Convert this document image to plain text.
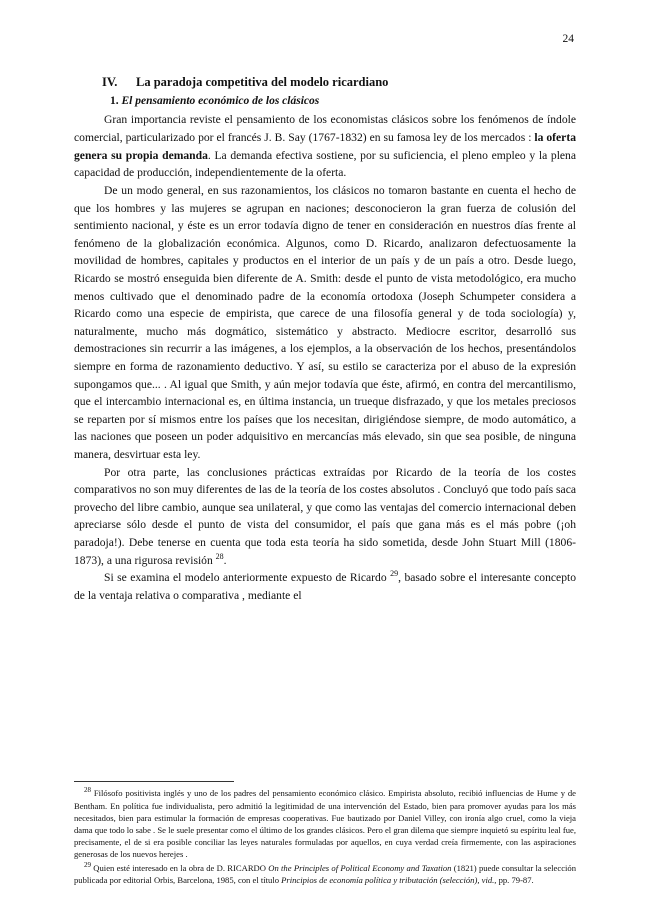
24
IV. La paradoja competitiva del modelo ricardiano
1. El pensamiento económico de los clásicos

Gran importancia reviste el pensamiento de los economistas clásicos sobre los fenómenos de índole comercial, particularizado por el francés J. B. Say (1767-1832) en su famosa ley de los mercados : la oferta genera su propia demanda. La demanda efectiva sostiene, por su suficiencia, el pleno empleo y la plena capacidad de producción, independientemente de la oferta.

De un modo general, en sus razonamientos, los clásicos no tomaron bastante en cuenta el hecho de que los hombres y las mujeres se agrupan en naciones; desconocieron la gran fuerza de colusión del sentimiento nacional, y éste es un error todavía digno de tener en consideración en nuestros días frente al fenómeno de la globalización económica. Algunos, como D. Ricardo, analizaron defectuosamente la movilidad de hombres, capitales y productos en el interior de un país y de un país a otro. Desde luego, Ricardo se mostró enseguida bien diferente de A. Smith: desde el punto de vista metodológico, era mucho menos cultivado que el denominado padre de la economía ortodoxa (Joseph Schumpeter considera a Ricardo como una especie de empirista, que carece de una filosofía general y de toda sociología) y, naturalmente, mucho más dogmático, sistemático y abstracto. Mediocre escritor, desarrolló sus demostraciones sin recurrir a las imágenes, a los ejemplos, a la observación de los hechos, presentándolos siempre en forma de razonamiento deductivo. Y así, su estilo se caracteriza por el abuso de la expresión supongamos que... . Al igual que Smith, y aún mejor todavía que éste, afirmó, en contra del mercantilismo, que el intercambio internacional es, en última instancia, un trueque disfrazado, y que los metales preciosos se reparten por sí mismos entre los países que los necesitan, dirigiéndose siempre, de modo automático, a las naciones que poseen un poder adquisitivo en mercancías más elevado, sin que sea posible, de ninguna manera, desvirtuar esta ley.

Por otra parte, las conclusiones prácticas extraídas por Ricardo de la teoría de los costes comparativos no son muy diferentes de las de la teoría de los costes absolutos . Concluyó que todo país saca provecho del libre cambio, aunque sea unilateral, y que como las ventajas del comercio internacional deben apreciarse sólo desde el punto de vista del consumidor, el país que gana más es el más pobre (¡oh paradoja!). Debe tenerse en cuenta que toda esta teoría ha sido sometida, desde John Stuart Mill (1806-1873), a una rigurosa revisión $^{28}$.

Si se examina el modelo anteriormente expuesto de Ricardo $^{29}$, basado sobre el interesante concepto de la ventaja relativa o comparativa , mediante el

$^{28}$ Filósofo positivista inglés y uno de los padres del pensamiento económico clásico. Empirista absoluto, recibió influencias de Hume y de Bentham. En política fue individualista, pero admitió la legitimidad de una intervención del Estado, bien para promover ayudas para los más necesitados, bien para estimular la formación de empresas cooperativas. Fue bautizado por Daniel Villey, con ironía algo cruel, como la vieja dama que todo lo sabe . Se le suele presentar como el último de los grandes clásicos. Pero el gran dilema que siempre inquietó su espíritu leal fue, precisamente, el de si era posible conciliar las leyes naturales formuladas por aquellos, en cuya verdad creía firmemente, con las aspiraciones generosas de los nuevos herejes .

$^{29}$ Quien esté interesado en la obra de D. RICARDO On the Principles of Political Economy and Taxation (1821) puede consultar la selección publicada por editorial Orbis, Barcelona, 1985, con el título Principios de economía política y tributación (selección), vid., pp. 79-87.
